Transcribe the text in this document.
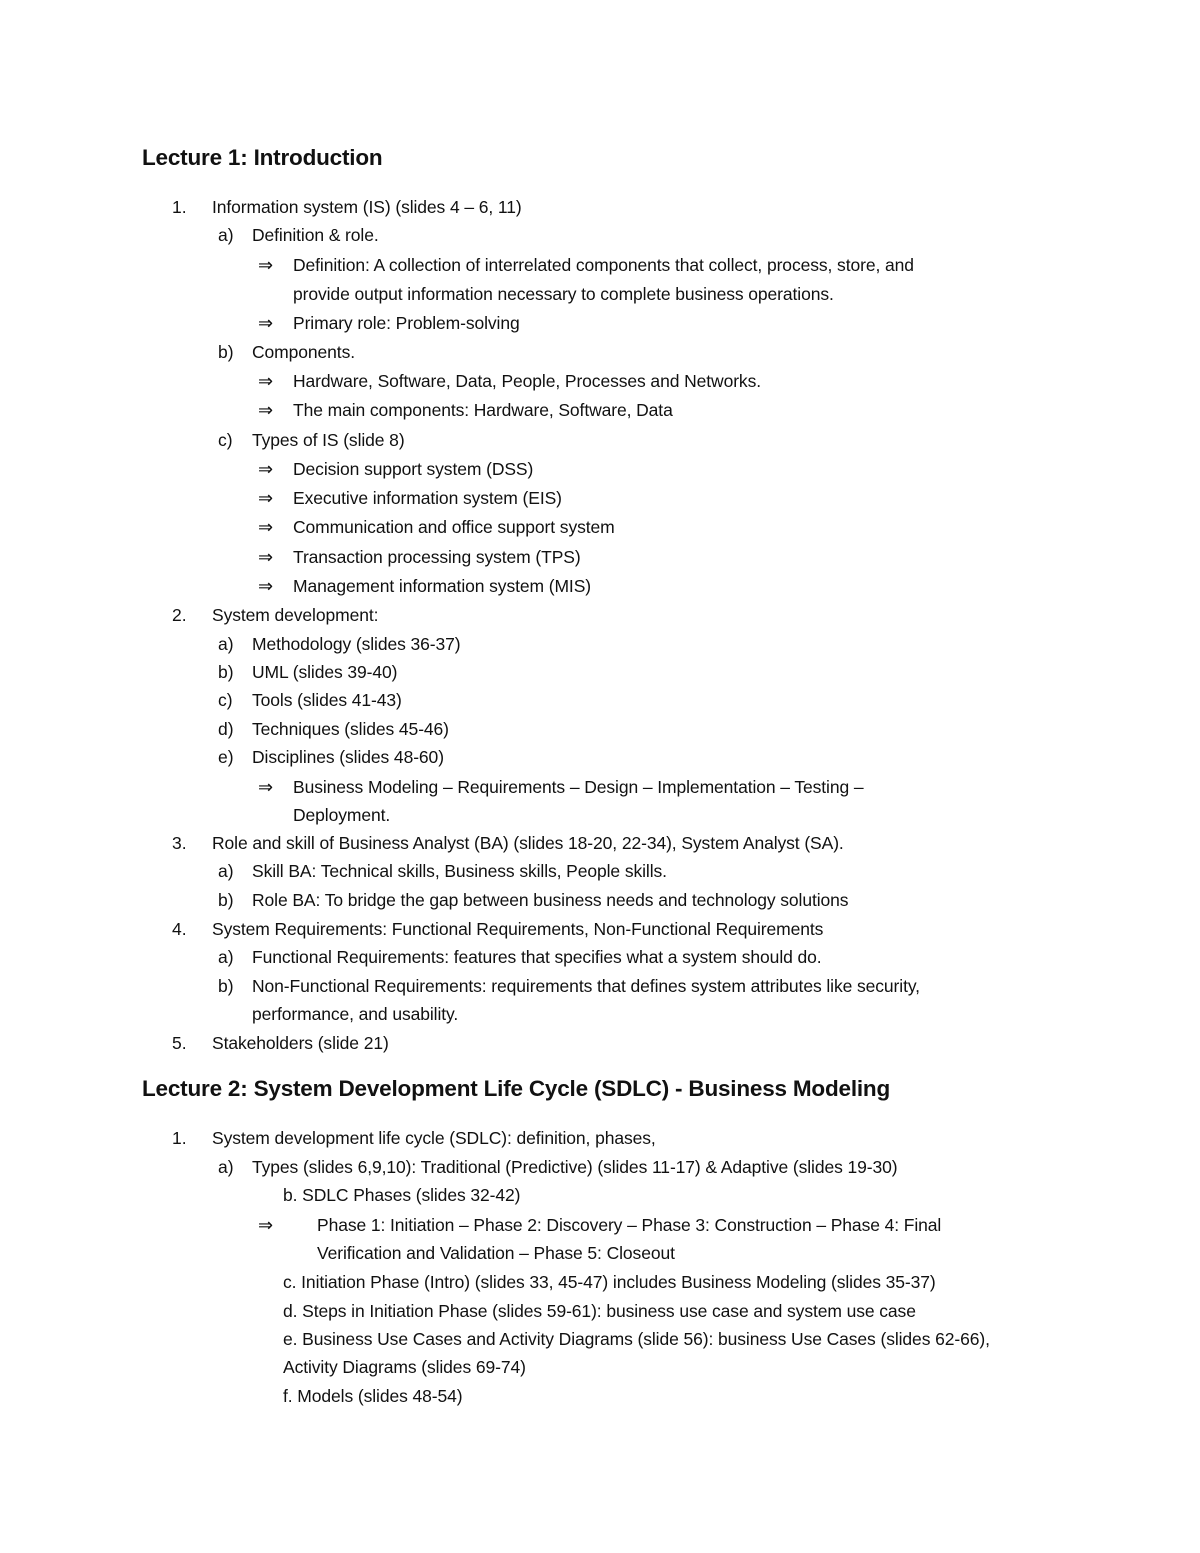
Lecture 1: Introduction
1. Information system (IS) (slides 4 – 6, 11)
a) Definition & role.
⇒ Definition: A collection of interrelated components that collect, process, store, and
provide output information necessary to complete business operations.
⇒ Primary role: Problem-solving
b) Components.
⇒ Hardware, Software, Data, People, Processes and Networks.
⇒ The main components: Hardware, Software, Data
c) Types of IS (slide 8)
⇒ Decision support system (DSS)
⇒ Executive information system (EIS)
⇒ Communication and office support system
⇒ Transaction processing system (TPS)
⇒ Management information system (MIS)
2. System development:
a) Methodology (slides 36-37)
b) UML (slides 39-40)
c) Tools (slides 41-43)
d) Techniques (slides 45-46)
e) Disciplines (slides 48-60)
⇒ Business Modeling – Requirements – Design – Implementation – Testing –
Deployment.
3. Role and skill of Business Analyst (BA) (slides 18-20, 22-34), System Analyst (SA).
a) Skill BA: Technical skills, Business skills, People skills.
b) Role BA: To bridge the gap between business needs and technology solutions
4. System Requirements: Functional Requirements, Non-Functional Requirements
a) Functional Requirements: features that specifies what a system should do.
b) Non-Functional Requirements: requirements that defines system attributes like security,
performance, and usability.
5. Stakeholders (slide 21)
Lecture 2: System Development Life Cycle (SDLC) - Business Modeling
1. System development life cycle (SDLC): definition, phases,
a) Types (slides 6,9,10): Traditional (Predictive) (slides 11-17) & Adaptive (slides 19-30)
b. SDLC Phases (slides 32-42)
⇒	Phase 1: Initiation – Phase 2: Discovery – Phase 3: Construction – Phase 4: Final
Verification and Validation – Phase 5: Closeout
c. Initiation Phase (Intro) (slides 33, 45-47) includes Business Modeling (slides 35-37)
d. Steps in Initiation Phase (slides 59-61): business use case and system use case
e. Business Use Cases and Activity Diagrams (slide 56): business Use Cases (slides 62-66),
Activity Diagrams (slides 69-74)
f. Models (slides 48-54)
